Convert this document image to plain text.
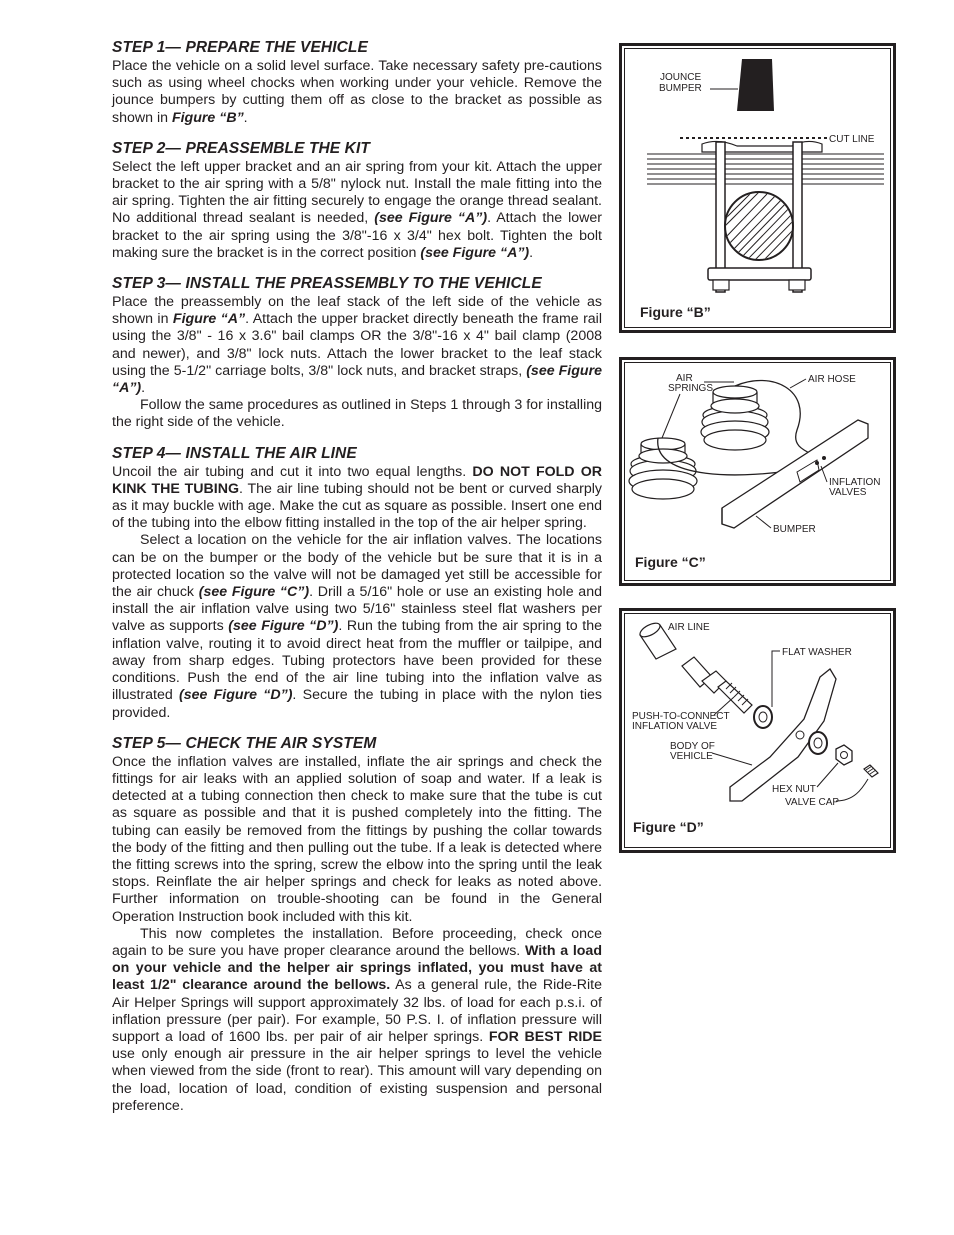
STEP 1— PREPARE THE VEHICLE

Place the vehicle on a solid level surface. Take necessary safety pre-cautions such as using wheel chocks when working under your vehicle. Remove the jounce bumpers by cutting them off as close to the bracket as possible as shown in Figure “B”.

STEP 2— PREASSEMBLE THE KIT

Select the left upper bracket and an air spring from your kit. Attach the upper bracket to the air spring with a 5/8" nylock nut. Install the male fitting into the air spring. Tighten the air fitting securely to engage the orange thread sealant. No additional thread sealant is needed, (see Figure “A”). Attach the lower bracket to the air spring using the 3/8"-16 x 3/4" hex bolt. Tighten the bolt making sure the bracket is in the correct position (see Figure “A”).

STEP 3— INSTALL THE PREASSEMBLY TO THE VEHICLE

Place the preassembly on the leaf stack of the left side of the vehicle as shown in Figure “A”. Attach the upper bracket directly beneath the frame rail using the 3/8" - 16 x 3.6" bail clamps OR the 3/8"-16 x 4" bail clamp (2008 and newer), and 3/8" lock nuts. Attach the lower bracket to the leaf stack using the 5-1/2" carriage bolts, 3/8" lock nuts, and bracket straps, (see Figure “A”).

Follow the same procedures as outlined in Steps 1 through 3 for installing the right side of the vehicle.

STEP 4— INSTALL THE AIR LINE

Uncoil the air tubing and cut it into two equal lengths. DO NOT FOLD OR KINK THE TUBING. The air line tubing should not be bent or curved sharply as it may buckle with age. Make the cut as square as possible. Insert one end of the tubing into the elbow fitting installed in the top of the air helper spring.

Select a location on the vehicle for the air inflation valves. The locations can be on the bumper or the body of the vehicle but be sure that it is in a protected location so the valve will not be damaged yet still be accessible for the air chuck (see Figure “C”). Drill a 5/16" hole or use an existing hole and install the air inflation valve using two 5/16" stainless steel flat washers per valve as supports (see Figure “D”). Run the tubing from the air spring to the inflation valve, routing it to avoid direct heat from the muffler or tailpipe, and away from sharp edges. Tubing protectors have been provided for these conditions. Push the end of the air line tubing into the inflation valve as illustrated (see Figure “D”). Secure the tubing in place with the nylon ties provided.

STEP 5— CHECK THE AIR SYSTEM

Once the inflation valves are installed, inflate the air springs and check the fittings for air leaks with an applied solution of soap and water. If a leak is detected at a tubing connection then check to make sure that the tube is cut as square as possible and that it is pushed completely into the fitting. The tubing can easily be removed from the fittings by pushing the collar towards the body of the fitting and then pulling out the tube. If a leak is detected where the fitting screws into the spring, screw the elbow into the spring until the leak stops. Reinflate the air helper springs and check for leaks as noted above. Further information on trouble-shooting can be found in the General Operation Instruction book included with this kit.

This now completes the installation. Before proceeding, check once again to be sure you have proper clearance around the bellows. With a load on your vehicle and the helper air springs inflated, you must have at least 1/2" clearance around the bellows. As a general rule, the Ride-Rite Air Helper Springs will support approximately 32 lbs. of load for each p.s.i. of inflation pressure (per pair). For example, 50 P.S. I. of inflation pressure will support a load of 1600 lbs. per pair of air helper springs. FOR BEST RIDE use only enough air pressure in the air helper springs to level the vehicle when viewed from the side (front to rear). This amount will vary depending on the load, location of load, condition of existing suspension and personal preference.

JOUNCE
BUMPER
CUT LINE
Figure “B”
AIR
SPRINGS
AIR HOSE
INFLATION
VALVES
BUMPER
Figure “C”
AIR LINE
FLAT WASHER
PUSH-TO-CONNECT
INFLATION VALVE
BODY OF
VEHICLE
HEX NUT
VALVE CAP
Figure “D”
